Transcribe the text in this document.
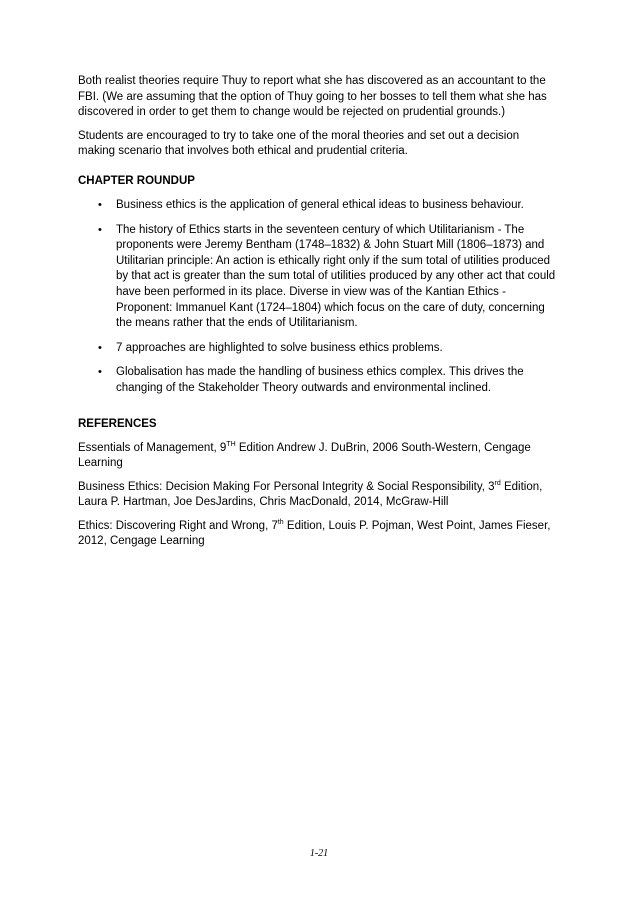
Both realist theories require Thuy to report what she has discovered as an accountant to the FBI. (We are assuming that the option of Thuy going to her bosses to tell them what she has discovered in order to get them to change would be rejected on prudential grounds.)

Students are encouraged to try to take one of the moral theories and set out a decision making scenario that involves both ethical and prudential criteria.

CHAPTER ROUNDUP

• Business ethics is the application of general ethical ideas to business behaviour.
• The history of Ethics starts in the seventeen century of which Utilitarianism - The proponents were Jeremy Bentham (1748–1832) & John Stuart Mill (1806–1873) and Utilitarian principle: An action is ethically right only if the sum total of utilities produced by that act is greater than the sum total of utilities produced by any other act that could have been performed in its place. Diverse in view was of the Kantian Ethics - Proponent: Immanuel Kant (1724–1804) which focus on the care of duty, concerning the means rather that the ends of Utilitarianism.
• 7 approaches are highlighted to solve business ethics problems.
• Globalisation has made the handling of business ethics complex. This drives the changing of the Stakeholder Theory outwards and environmental inclined.

REFERENCES

Essentials of Management, 9TH Edition Andrew J. DuBrin, 2006 South-Western, Cengage Learning

Business Ethics: Decision Making For Personal Integrity & Social Responsibility, 3rd Edition, Laura P. Hartman, Joe DesJardins, Chris MacDonald, 2014, McGraw-Hill

Ethics: Discovering Right and Wrong, 7th Edition, Louis P. Pojman, West Point, James Fieser, 2012, Cengage Learning

1-21
